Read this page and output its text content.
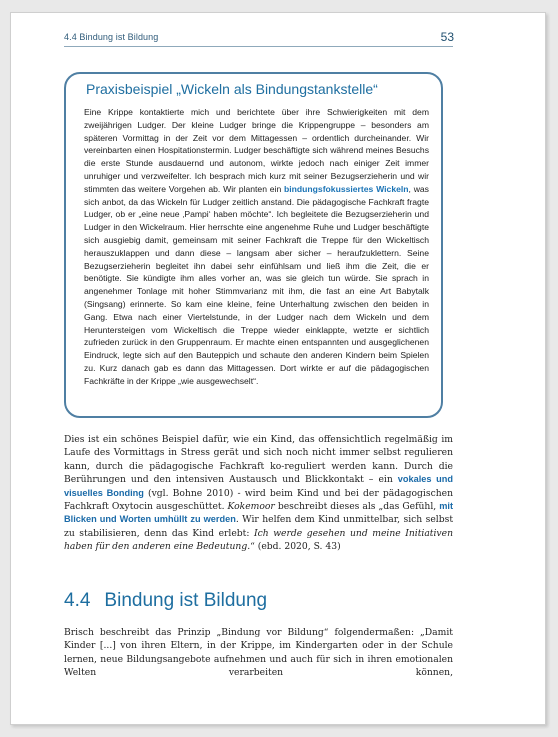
4.4 Bindung ist Bildung	53
Praxisbeispiel „Wickeln als Bindungstankstelle“
Eine Krippe kontaktierte mich und berichtete über ihre Schwierigkeiten mit dem zweijährigen Ludger. Der kleine Ludger bringe die Krippengruppe – besonders am späteren Vormittag in der Zeit vor dem Mittagessen – ordentlich durcheinander. Wir vereinbarten einen Hospitationstermin. Ludger beschäftigte sich während meines Besuchs die erste Stunde ausdauernd und autonom, wirkte jedoch nach einiger Zeit immer unruhiger und verzweifelter. Ich besprach mich kurz mit seiner Bezugserzieherin und wir stimmten das weitere Vorgehen ab. Wir planten ein bindungsfokussiertes Wickeln, was sich anbot, da das Wickeln für Ludger zeitlich anstand. Die pädagogische Fachkraft fragte Ludger, ob er „eine neue ‚Pampi‘ haben möchte“. Ich begleitete die Bezugserzieherin und Ludger in den Wickelraum. Hier herrschte eine angenehme Ruhe und Ludger beschäftigte sich ausgiebig damit, gemeinsam mit seiner Fachkraft die Treppe für den Wickeltisch herauszuklappen und dann diese – langsam aber sicher – heraufzuklettern. Seine Bezugserzieherin begleitet ihn dabei sehr einfühlsam und ließ ihm die Zeit, die er benötigte. Sie kündigte ihm alles vorher an, was sie gleich tun würde. Sie sprach in angenehmer Tonlage mit hoher Stimmvarianz mit ihm, die fast an eine Art Babytalk (Singsang) erinnerte. So kam eine kleine, feine Unterhaltung zwischen den beiden in Gang. Etwa nach einer Viertelstunde, in der Ludger nach dem Wickeln und dem Heruntersteigen vom Wickeltisch die Treppe wieder einklappte, wetzte er sichtlich zufrieden zurück in den Gruppenraum. Er machte einen entspannten und ausgeglichenen Eindruck, legte sich auf den Bauteppich und schaute den anderen Kindern beim Spielen zu. Kurz danach gab es dann das Mittagessen. Dort wirkte er auf die pädagogischen Fachkräfte in der Krippe „wie ausgewechselt“.
Dies ist ein schönes Beispiel dafür, wie ein Kind, das offensichtlich regelmäßig im Laufe des Vormittags in Stress gerät und sich noch nicht immer selbst regulieren kann, durch die pädagogische Fachkraft ko-reguliert werden kann. Durch die Berührungen und den intensiven Austausch und Blickkontakt – ein vokales und visuelles Bonding (vgl. Bohne 2010) - wird beim Kind und bei der pädagogischen Fachkraft Oxytocin ausgeschüttet. Kokemoor beschreibt dieses als „das Gefühl, mit Blicken und Worten umhüllt zu werden. Wir helfen dem Kind unmittelbar, sich selbst zu stabilisieren, denn das Kind erlebt: Ich werde gesehen und meine Initiativen haben für den anderen eine Bedeutung.“ (ebd. 2020, S. 43)
4.4 Bindung ist Bildung
Brisch beschreibt das Prinzip „Bindung vor Bildung“ folgendermaßen: „Damit Kinder [...] von ihren Eltern, in der Krippe, im Kindergarten oder in der Schule lernen, neue Bildungsangebote aufnehmen und auch für sich in ihren emotionalen Welten verarbeiten können,
